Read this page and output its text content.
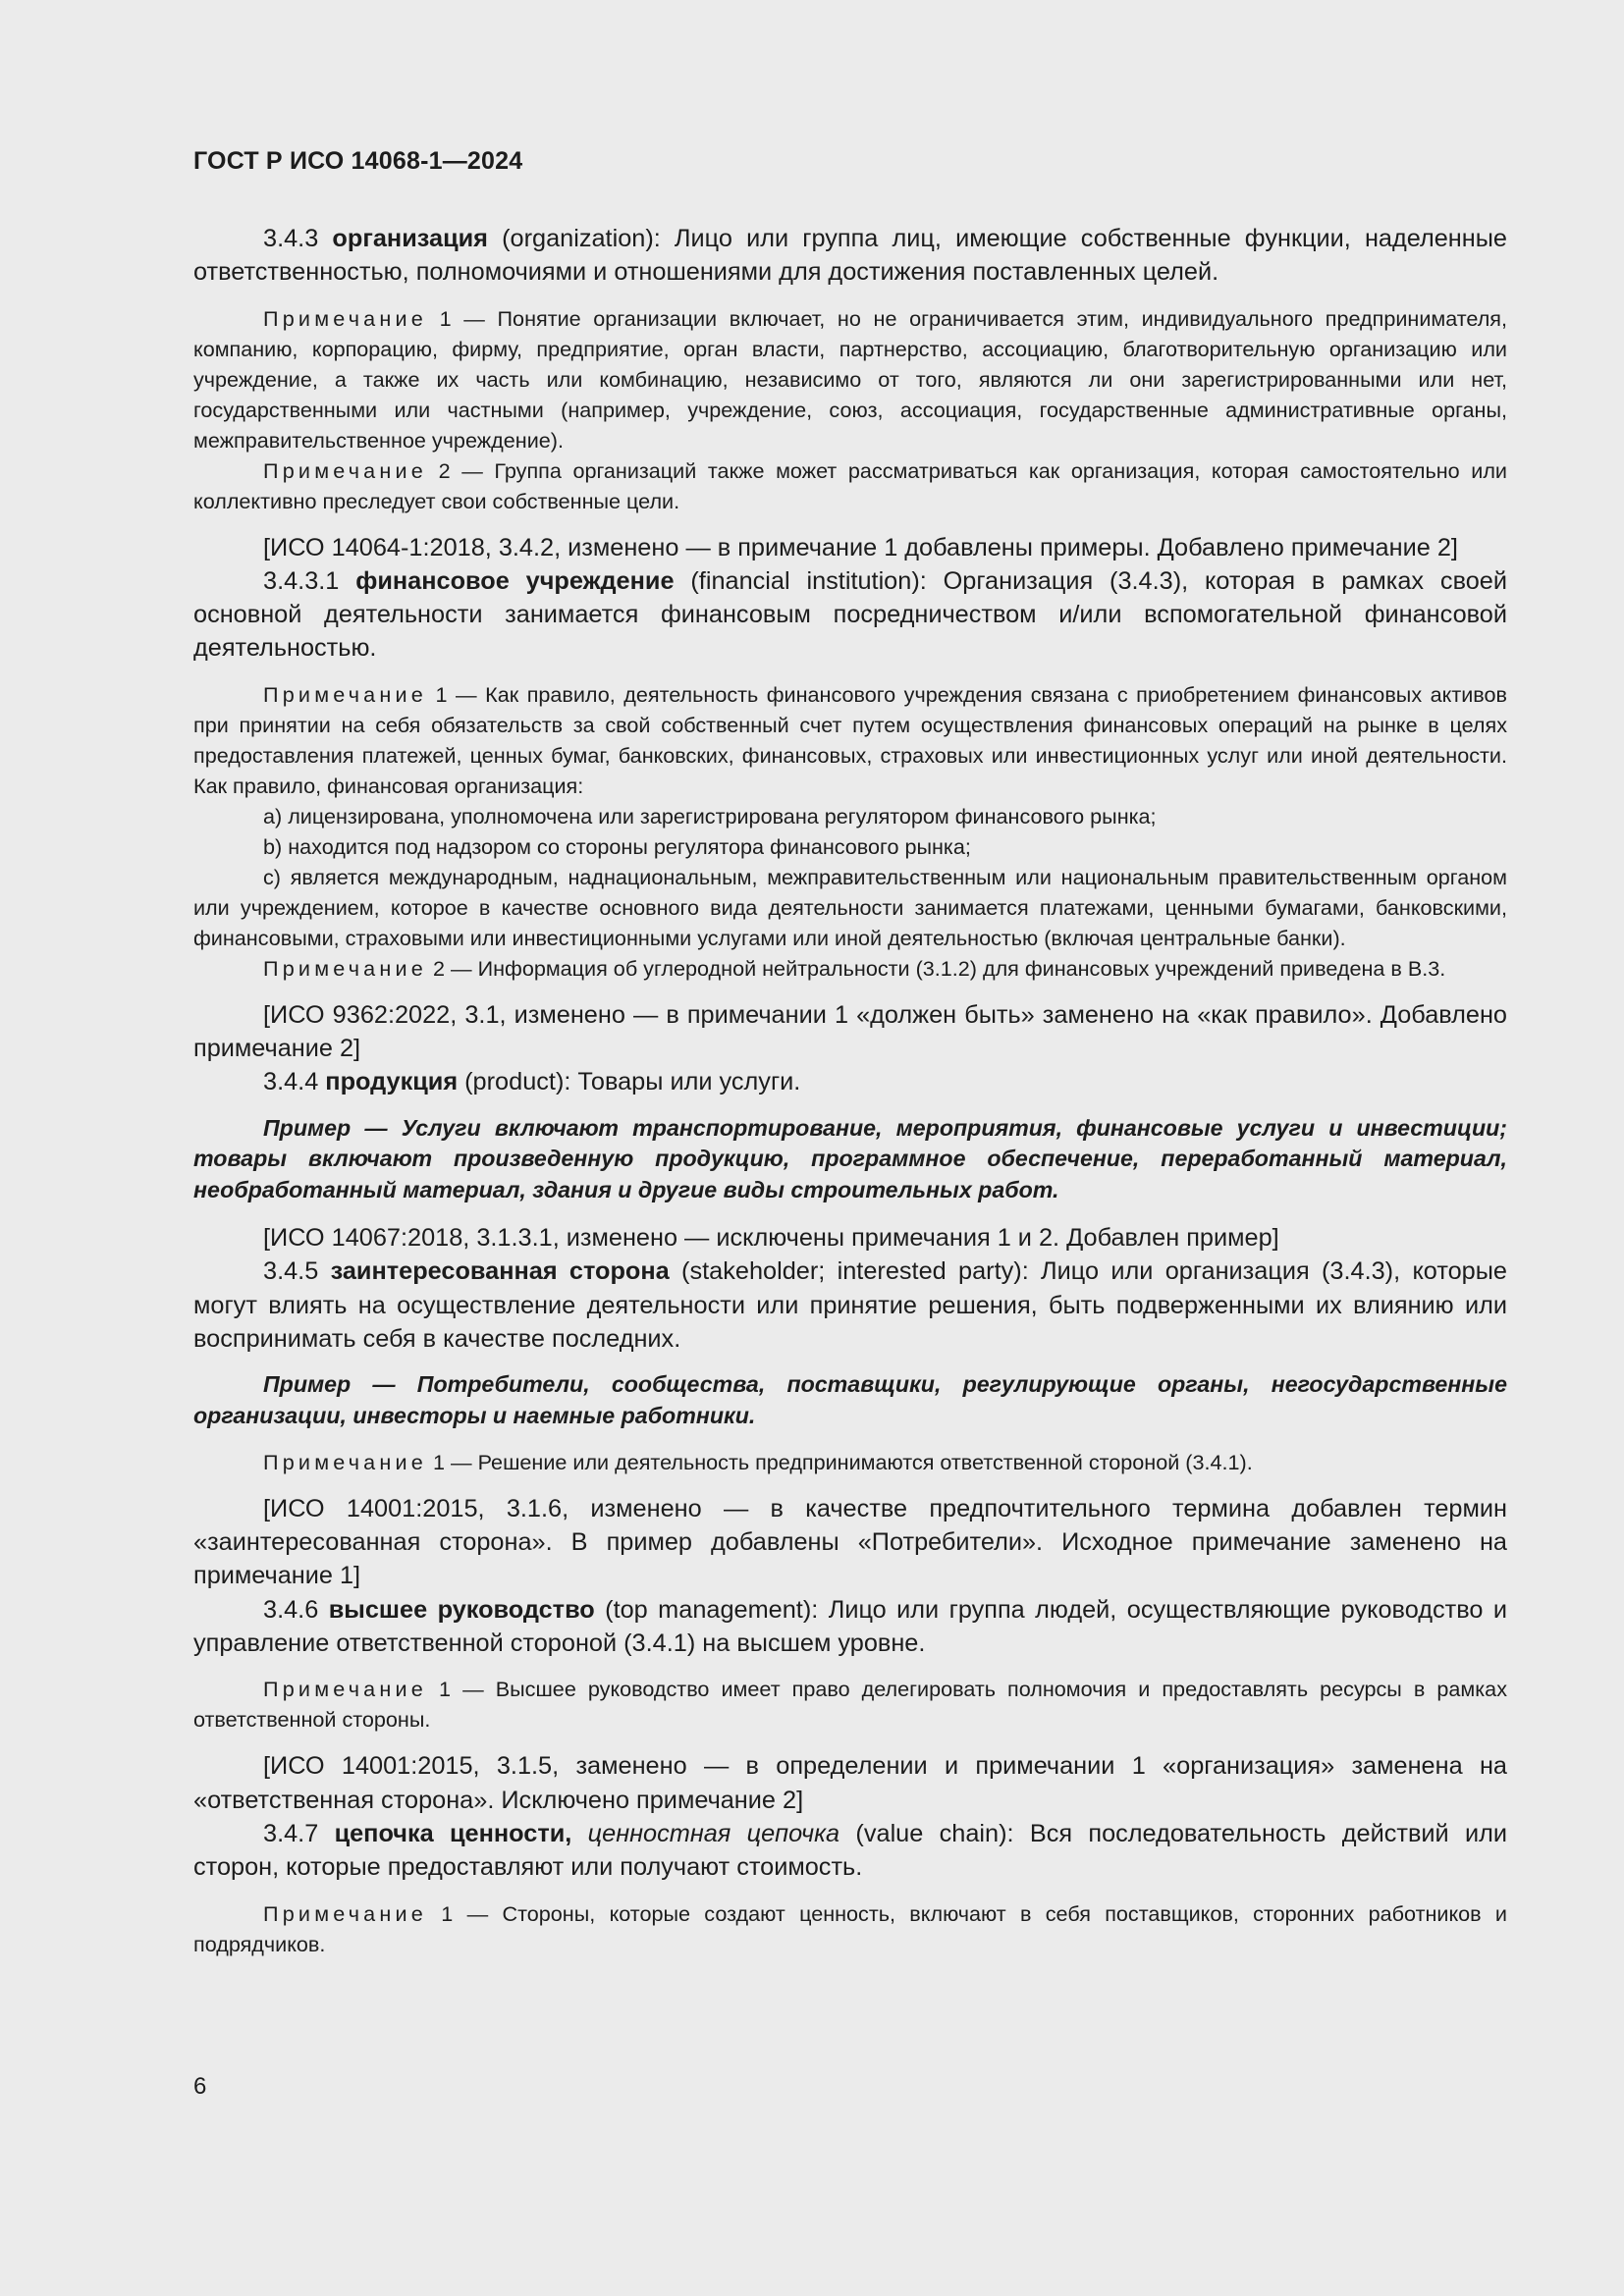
ГОСТ Р ИСО 14068-1—2024

3.4.3 организация (organization): Лицо или группа лиц, имеющие собственные функции, наделенные ответственностью, полномочиями и отношениями для достижения поставленных целей.

Примечание 1 — Понятие организации включает, но не ограничивается этим, индивидуального предпринимателя, компанию, корпорацию, фирму, предприятие, орган власти, партнерство, ассоциацию, благотворительную организацию или учреждение, а также их часть или комбинацию, независимо от того, являются ли они зарегистрированными или нет, государственными или частными (например, учреждение, союз, ассоциация, государственные административные органы, межправительственное учреждение).

Примечание 2 — Группа организаций также может рассматриваться как организация, которая самостоятельно или коллективно преследует свои собственные цели.

[ИСО 14064-1:2018, 3.4.2, изменено — в примечание 1 добавлены примеры. Добавлено примечание 2]

3.4.3.1 финансовое учреждение (financial institution): Организация (3.4.3), которая в рамках своей основной деятельности занимается финансовым посредничеством и/или вспомогательной финансовой деятельностью.

Примечание 1 — Как правило, деятельность финансового учреждения связана с приобретением финансовых активов при принятии на себя обязательств за свой собственный счет путем осуществления финансовых операций на рынке в целях предоставления платежей, ценных бумаг, банковских, финансовых, страховых или инвестиционных услуг или иной деятельности. Как правило, финансовая организация:

a) лицензирована, уполномочена или зарегистрирована регулятором финансового рынка;

b) находится под надзором со стороны регулятора финансового рынка;

c) является международным, наднациональным, межправительственным или национальным правительственным органом или учреждением, которое в качестве основного вида деятельности занимается платежами, ценными бумагами, банковскими, финансовыми, страховыми или инвестиционными услугами или иной деятельностью (включая центральные банки).

Примечание 2 — Информация об углеродной нейтральности (3.1.2) для финансовых учреждений приведена в B.3.

[ИСО 9362:2022, 3.1, изменено — в примечании 1 «должен быть» заменено на «как правило». Добавлено примечание 2]

3.4.4 продукция (product): Товары или услуги.

Пример — Услуги включают транспортирование, мероприятия, финансовые услуги и инвестиции; товары включают произведенную продукцию, программное обеспечение, переработанный материал, необработанный материал, здания и другие виды строительных работ.

[ИСО 14067:2018, 3.1.3.1, изменено — исключены примечания 1 и 2. Добавлен пример]

3.4.5 заинтересованная сторона (stakeholder; interested party): Лицо или организация (3.4.3), которые могут влиять на осуществление деятельности или принятие решения, быть подверженными их влиянию или воспринимать себя в качестве последних.

Пример — Потребители, сообщества, поставщики, регулирующие органы, негосударственные организации, инвесторы и наемные работники.

Примечание 1 — Решение или деятельность предпринимаются ответственной стороной (3.4.1).

[ИСО 14001:2015, 3.1.6, изменено — в качестве предпочтительного термина добавлен термин «заинтересованная сторона». В пример добавлены «Потребители». Исходное примечание заменено на примечание 1]

3.4.6 высшее руководство (top management): Лицо или группа людей, осуществляющие руководство и управление ответственной стороной (3.4.1) на высшем уровне.

Примечание 1 — Высшее руководство имеет право делегировать полномочия и предоставлять ресурсы в рамках ответственной стороны.

[ИСО 14001:2015, 3.1.5, заменено — в определении и примечании 1 «организация» заменена на «ответственная сторона». Исключено примечание 2]

3.4.7 цепочка ценности, ценностная цепочка (value chain): Вся последовательность действий или сторон, которые предоставляют или получают стоимость.

Примечание 1 — Стороны, которые создают ценность, включают в себя поставщиков, сторонних работников и подрядчиков.

6
